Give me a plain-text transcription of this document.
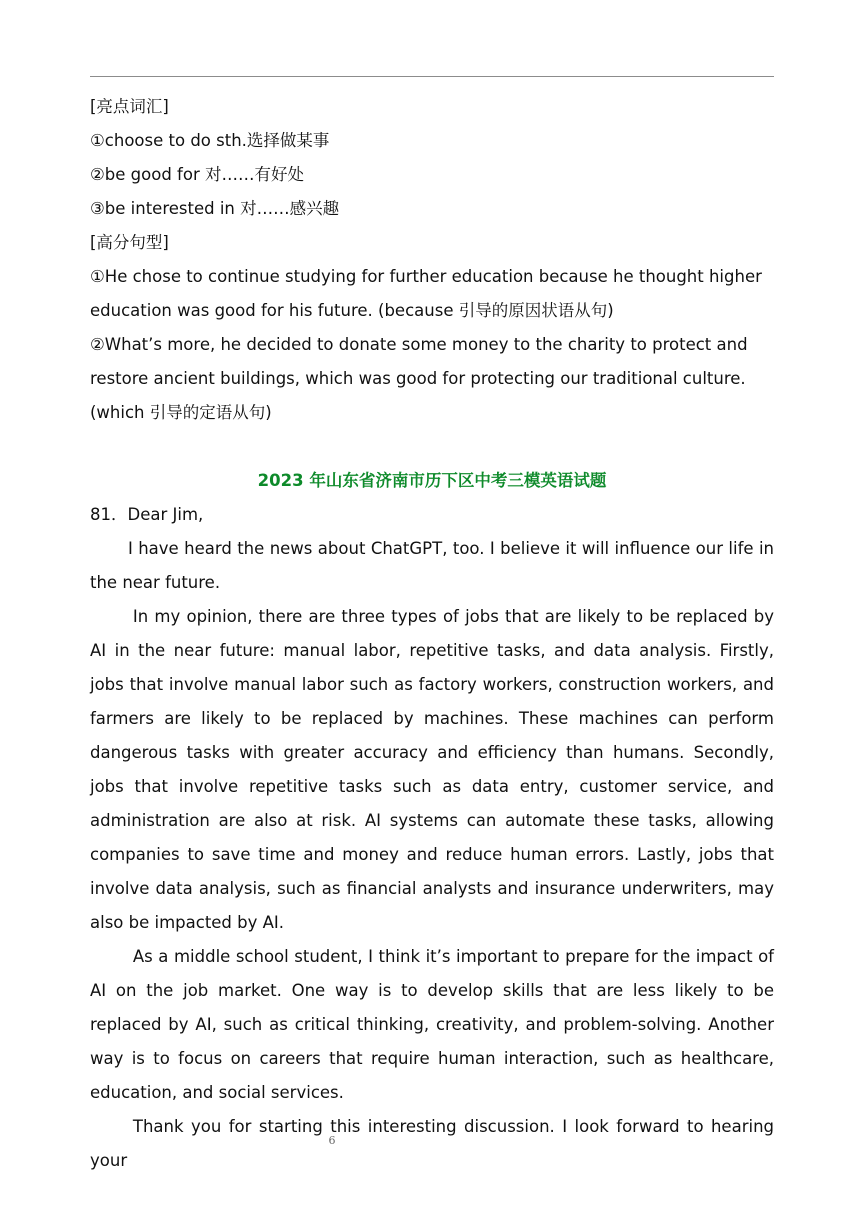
[亮点词汇]
①choose to do sth.选择做某事
②be good for 对……有好处
③be interested in 对……感兴趣
[高分句型]
①He chose to continue studying for further education because he thought higher
education was good for his future. (because 引导的原因状语从句)
②What’s more, he decided to donate some money to the charity to protect and
restore ancient buildings, which was good for protecting our traditional culture.
(which 引导的定语从句)
2023 年山东省济南市历下区中考三模英语试题
81．Dear Jim,
I have heard the news about ChatGPT, too. I believe it will influence our life in the near future.
In my opinion, there are three types of jobs that are likely to be replaced by AI in the near future: manual labor, repetitive tasks, and data analysis. Firstly, jobs that involve manual labor such as factory workers, construction workers, and farmers are likely to be replaced by machines. These machines can perform dangerous tasks with greater accuracy and efficiency than humans. Secondly, jobs that involve repetitive tasks such as data entry, customer service, and administration are also at risk. AI systems can automate these tasks, allowing companies to save time and money and reduce human errors. Lastly, jobs that involve data analysis, such as financial analysts and insurance underwriters, may also be impacted by AI.
As a middle school student, I think it’s important to prepare for the impact of AI on the job market. One way is to develop skills that are less likely to be replaced by AI, such as critical thinking, creativity, and problem-solving. Another way is to focus on careers that require human interaction, such as healthcare, education, and social services.
Thank you for starting this interesting discussion. I look forward to hearing your
6
